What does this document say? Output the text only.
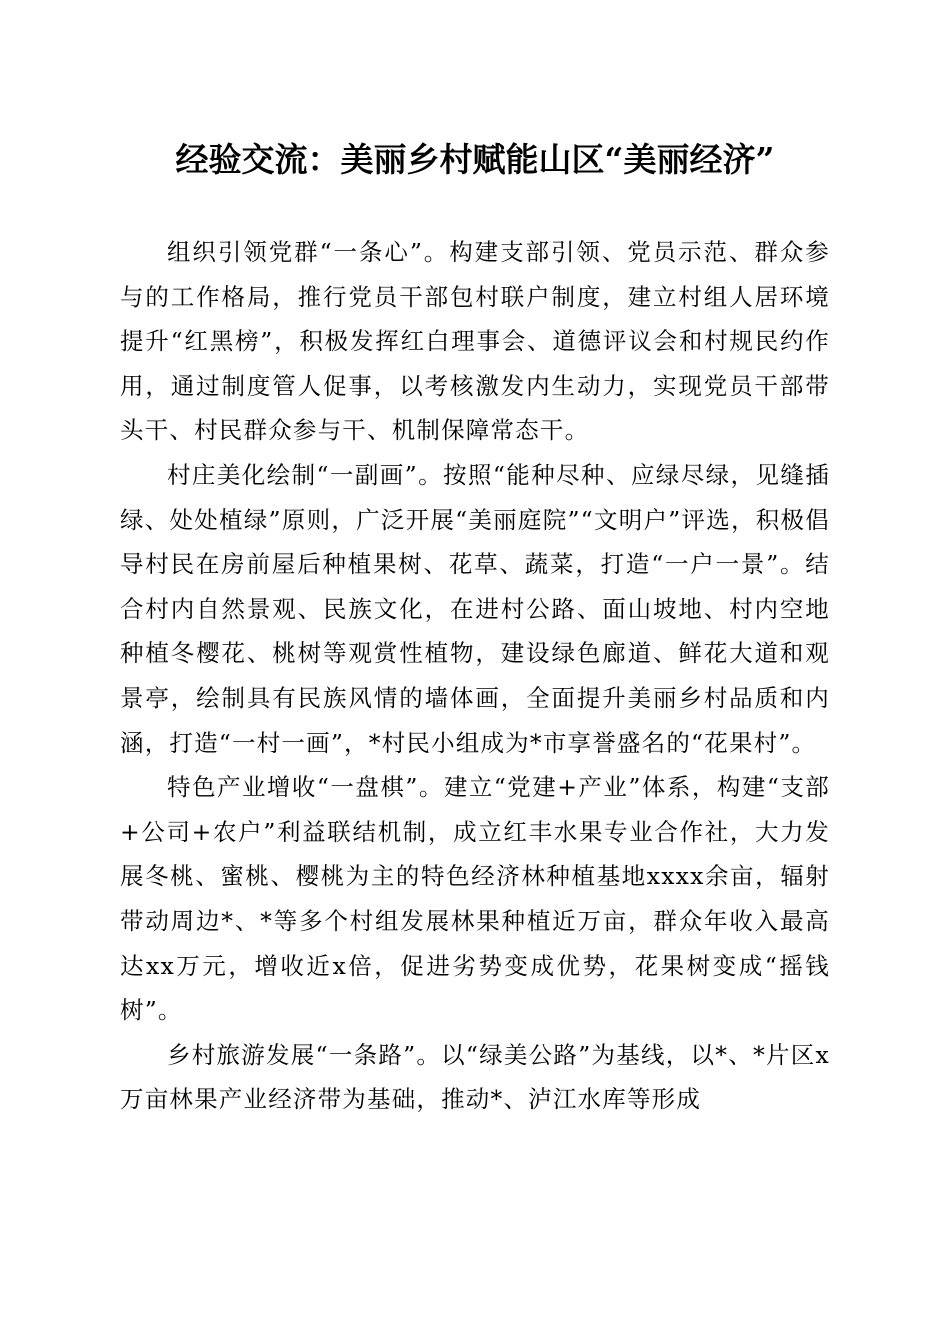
经验交流：美丽乡村赋能山区“美丽经济”

组织引领党群“一条心”。构建支部引领、党员示范、群众参与的工作格局，推行党员干部包村联户制度，建立村组人居环境提升“红黑榜”，积极发挥红白理事会、道德评议会和村规民约作用，通过制度管人促事，以考核激发内生动力，实现党员干部带头干、村民群众参与干、机制保障常态干。

村庄美化绘制“一副画”。按照“能种尽种、应绿尽绿，见缝插绿、处处植绿”原则，广泛开展“美丽庭院”“文明户”评选，积极倡导村民在房前屋后种植果树、花草、蔬菜，打造“一户一景”。结合村内自然景观、民族文化，在进村公路、面山坡地、村内空地种植冬樱花、桃树等观赏性植物，建设绿色廊道、鲜花大道和观景亭，绘制具有民族风情的墙体画，全面提升美丽乡村品质和内涵，打造“一村一画”，*村民小组成为*市享誉盛名的“花果村”。

特色产业增收“一盘棋”。建立“党建+产业”体系，构建“支部+公司+农户”利益联结机制，成立红丰水果专业合作社，大力发展冬桃、蜜桃、樱桃为主的特色经济林种植基地xxxx余亩，辐射带动周边*、*等多个村组发展林果种植近万亩，群众年收入最高达xx万元，增收近x倍，促进劣势变成优势，花果树变成“摇钱树”。

乡村旅游发展“一条路”。以“绿美公路”为基线，以*、*片区x万亩林果产业经济带为基础，推动*、泸江水库等形成
